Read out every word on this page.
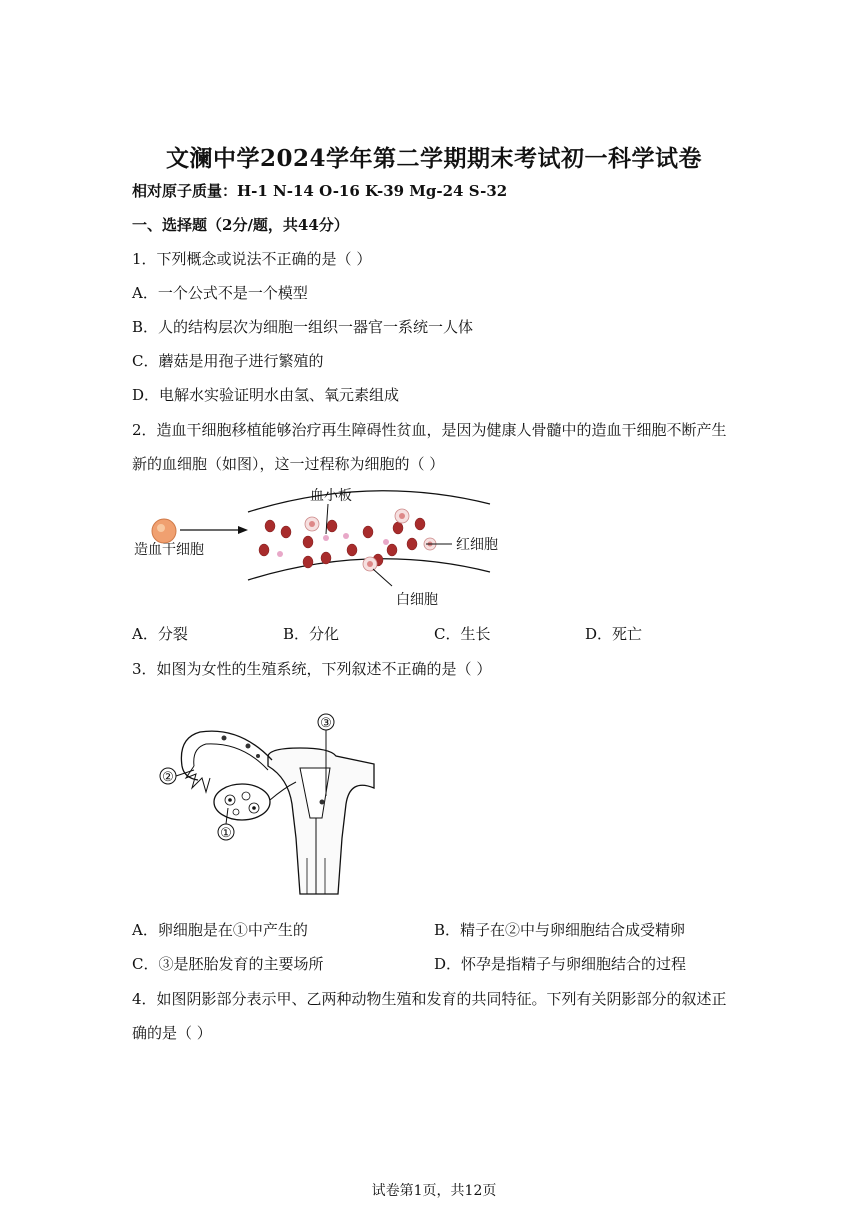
文澜中学2024学年第二学期期末考试初一科学试卷
相对原子质量：H-1 N-14 O-16 K-39 Mg-24 S-32
一、选择题（2分/题，共44分）
1．下列概念或说法不正确的是（ ）
A．一个公式不是一个模型
B．人的结构层次为细胞一组织一器官一系统一人体
C．蘑菇是用孢子进行繁殖的
D．电解水实验证明水由氢、氧元素组成
2．造血干细胞移植能够治疗再生障碍性贫血，是因为健康人骨髓中的造血干细胞不断产生
新的血细胞（如图），这一过程称为细胞的（ ）
造血干细胞
血小板
红细胞
白细胞
A．分裂	B．分化	C．生长	D．死亡
3．如图为女性的生殖系统，下列叙述不正确的是（ ）
③
②
①
A．卵细胞是在①中产生的	B．精子在②中与卵细胞结合成受精卵
C．③是胚胎发育的主要场所	D．怀孕是指精子与卵细胞结合的过程
4．如图阴影部分表示甲、乙两种动物生殖和发育的共同特征。下列有关阴影部分的叙述正
确的是（ ）
试卷第1页，共12页
